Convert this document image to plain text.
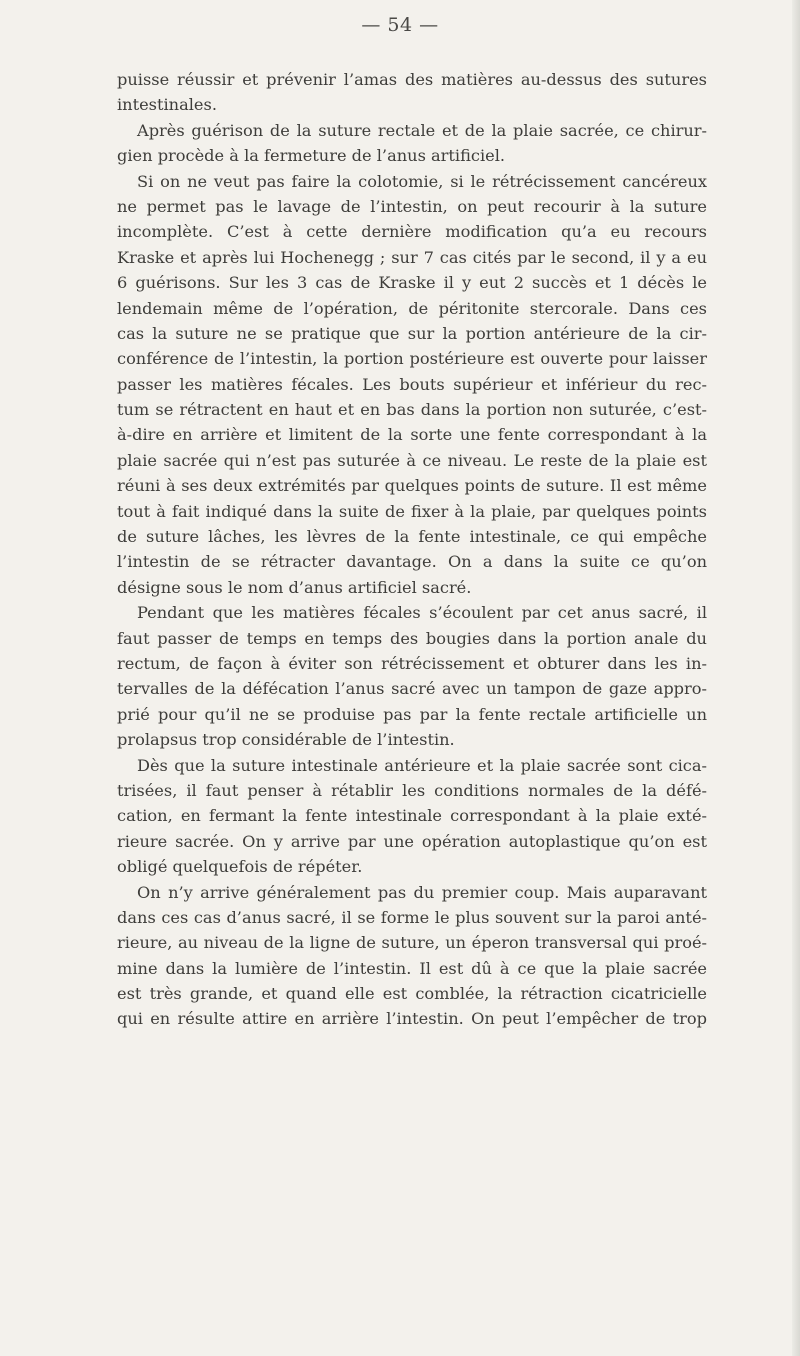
— 54 —
puisse réussir et prévenir l’amas des matières au-dessus des sutures
intestinales.
Après guérison de la suture rectale et de la plaie sacrée, ce chirur-
gien procède à la fermeture de l’anus artificiel.
Si on ne veut pas faire la colotomie, si le rétrécissement cancéreux
ne permet pas le lavage de l’intestin, on peut recourir à la suture
incomplète. C’est à cette dernière modification qu’a eu recours
Kraske et après lui Hochenegg ; sur 7 cas cités par le second, il y a eu
6 guérisons. Sur les 3 cas de Kraske il y eut 2 succès et 1 décès le
lendemain même de l’opération, de péritonite stercorale. Dans ces
cas la suture ne se pratique que sur la portion antérieure de la cir-
conférence de l’intestin, la portion postérieure est ouverte pour laisser
passer les matières fécales. Les bouts supérieur et inférieur du rec-
tum se rétractent en haut et en bas dans la portion non suturée, c’est-
à-dire en arrière et limitent de la sorte une fente correspondant à la
plaie sacrée qui n’est pas suturée à ce niveau. Le reste de la plaie est
réuni à ses deux extrémités par quelques points de suture. Il est même
tout à fait indiqué dans la suite de fixer à la plaie, par quelques points
de suture lâches, les lèvres de la fente intestinale, ce qui empêche
l’intestin de se rétracter davantage. On a dans la suite ce qu’on
désigne sous le nom d’anus artificiel sacré.
Pendant que les matières fécales s’écoulent par cet anus sacré, il
faut passer de temps en temps des bougies dans la portion anale du
rectum, de façon à éviter son rétrécissement et obturer dans les in-
tervalles de la défécation l’anus sacré avec un tampon de gaze appro-
prié pour qu’il ne se produise pas par la fente rectale artificielle un
prolapsus trop considérable de l’intestin.
Dès que la suture intestinale antérieure et la plaie sacrée sont cica-
trisées, il faut penser à rétablir les conditions normales de la défé-
cation, en fermant la fente intestinale correspondant à la plaie exté-
rieure sacrée. On y arrive par une opération autoplastique qu’on est
obligé quelquefois de répéter.
On n’y arrive généralement pas du premier coup. Mais auparavant
dans ces cas d’anus sacré, il se forme le plus souvent sur la paroi anté-
rieure, au niveau de la ligne de suture, un éperon transversal qui proé-
mine dans la lumière de l’intestin. Il est dû à ce que la plaie sacrée
est très grande, et quand elle est comblée, la rétraction cicatricielle
qui en résulte attire en arrière l’intestin. On peut l’empêcher de trop
